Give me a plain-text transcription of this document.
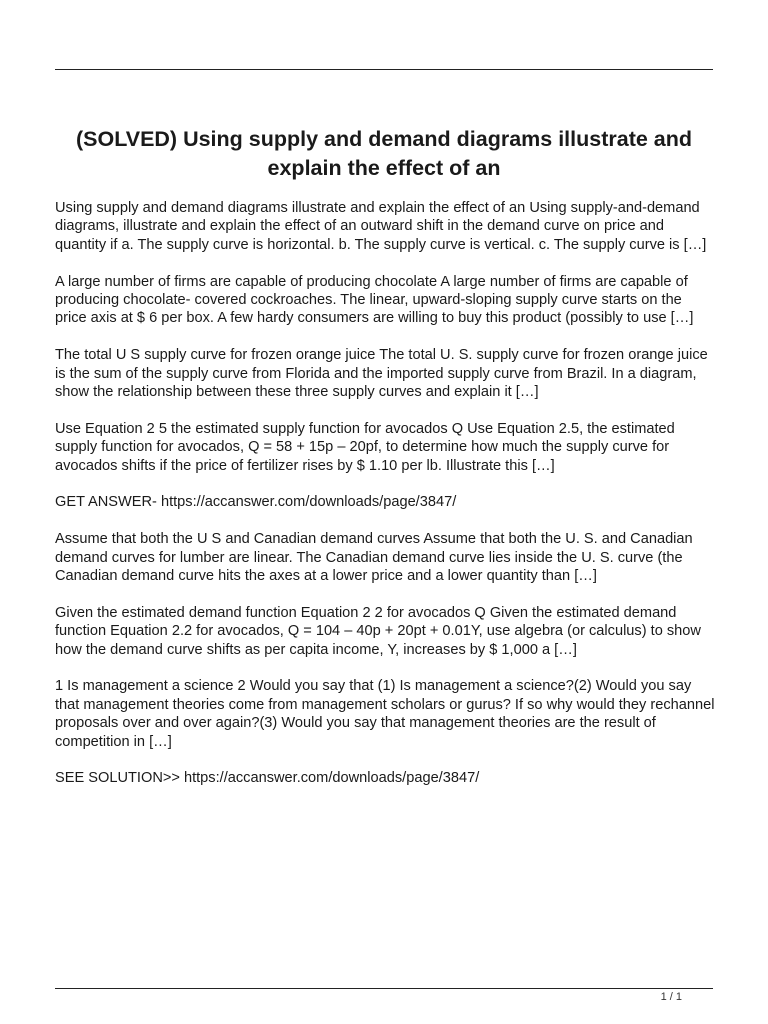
(SOLVED) Using supply and demand diagrams illustrate and explain the effect of an

Using supply and demand diagrams illustrate and explain the effect of an Using supply-and-demand diagrams, illustrate and explain the effect of an outward shift in the demand curve on price and quantity if a. The supply curve is horizontal. b. The supply curve is vertical. c. The supply curve is […]

A large number of firms are capable of producing chocolate A large number of firms are capable of producing chocolate- covered cockroaches. The linear, upward-sloping supply curve starts on the price axis at $ 6 per box. A few hardy consumers are willing to buy this product (possibly to use […]

The total U S supply curve for frozen orange juice The total U. S. supply curve for frozen orange juice is the sum of the supply curve from Florida and the imported supply curve from Brazil. In a diagram, show the relationship between these three supply curves and explain it […]

Use Equation 2 5 the estimated supply function for avocados Q Use Equation 2.5, the estimated supply function for avocados, Q = 58 + 15p – 20pf, to determine how much the supply curve for avocados shifts if the price of fertilizer rises by $ 1.10 per lb. Illustrate this […]

GET ANSWER- https://accanswer.com/downloads/page/3847/

Assume that both the U S and Canadian demand curves Assume that both the U. S. and Canadian demand curves for lumber are linear. The Canadian demand curve lies inside the U. S. curve (the Canadian demand curve hits the axes at a lower price and a lower quantity than […]

Given the estimated demand function Equation 2 2 for avocados Q Given the estimated demand function Equation 2.2 for avocados, Q = 104 – 40p + 20pt + 0.01Y, use algebra (or calculus) to show how the demand curve shifts as per capita income, Y, increases by $ 1,000 a […]

1 Is management a science 2 Would you say that (1) Is management a science?(2) Would you say that management theories come from management scholars or gurus? If so why would they rechannel proposals over and over again?(3) Would you say that management theories are the result of competition in […]

SEE SOLUTION>> https://accanswer.com/downloads/page/3847/

1 / 1
